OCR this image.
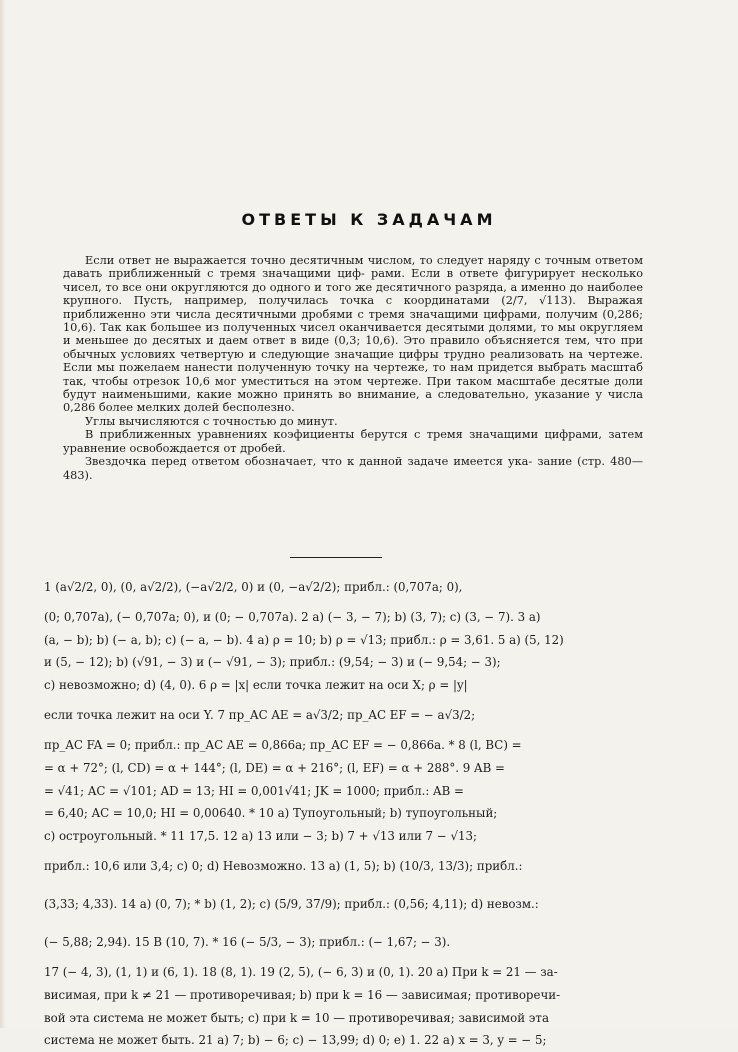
ОТВЕТЫ К ЗАДАЧАМ

Если ответ не выражается точно десятичным числом, то следует наряду с точным ответом давать приближенный с тремя значащими циф- рами. Если в ответе фигурирует несколько чисел, то все они округляются до одного и того же десятичного разряда, а именно до наиболее крупного. Пусть, например, получилась точка с координатами (2/7, √113). Выражая приближенно эти числа десятичными дробями с тремя значащими цифрами, получим (0,286; 10,6). Так как большее из полученных чисел оканчивается десятыми долями, то мы округляем и меньшее до десятых и даем ответ в виде (0,3; 10,6). Это правило объясняется тем, что при обычных условиях четвертую и следующие значащие цифры трудно реализовать на чертеже. Если мы пожелаем нанести полученную точку на чертеже, то нам придется выбрать масштаб так, чтобы отрезок 10,6 мог уместиться на этом чертеже. При таком масштабе десятые доли будут наименьшими, какие можно принять во внимание, а следовательно, указание у числа 0,286 более мелких долей бесполезно.

Углы вычисляются с точностью до минут.

В приближенных уравнениях коэфициенты берутся с тремя значащими цифрами, затем уравнение освобождается от дробей.

Звездочка перед ответом обозначает, что к данной задаче имеется ука- зание (стр. 480—483).

1 (a√2/2, 0), (0, a√2/2), (−a√2/2, 0) и (0, −a√2/2); прибл.: (0,707a; 0),
(0; 0,707a), (− 0,707a; 0), и (0; − 0,707a). 2 a) (− 3, − 7); b) (3, 7); c) (3, − 7). 3 a)
(a, − b); b) (− a, b); c) (− a, − b). 4 a) ρ = 10; b) ρ = √13; прибл.: ρ = 3,61. 5 a) (5, 12)
и (5, − 12); b) (√91, − 3) и (− √91, − 3); прибл.: (9,54; − 3) и (− 9,54; − 3);
c) невозможно; d) (4, 0). 6 ρ = |x| если точка лежит на оси X; ρ = |y|
если точка лежит на оси Y. 7 пр_AC AE = a√3/2; пр_AC EF = − a√3/2;
пр_AC FA = 0; прибл.: пр_AC AE = 0,866a; пр_AC EF = − 0,866a. * 8 (l, BC) =
= α + 72°; (l, CD) = α + 144°; (l, DE) = α + 216°; (l, EF) = α + 288°. 9 AB =
= √41; AC = √101; AD = 13; HI = 0,001√41; JK = 1000; прибл.: AB =
= 6,40; AC = 10,0; HI = 0,00640. * 10 a) Тупоугольный; b) тупоугольный;
c) остроугольный. * 11 17,5. 12 a) 13 или − 3; b) 7 + √13 или 7 − √13;
прибл.: 10,6 или 3,4; c) 0; d) Невозможно. 13 a) (1, 5); b) (10/3, 13/3); прибл.:
(3,33; 4,33). 14 a) (0, 7); * b) (1, 2); c) (5/9, 37/9); прибл.: (0,56; 4,11); d) невозм.:
(− 5,88; 2,94). 15 B (10, 7). * 16 (− 5/3, − 3); прибл.: (− 1,67; − 3).
17 (− 4, 3), (1, 1) и (6, 1). 18 (8, 1). 19 (2, 5), (− 6, 3) и (0, 1). 20 a) При k = 21 — за-
висимая, при k ≠ 21 — противоречивая; b) при k = 16 — зависимая; противоречи-
вой эта система не может быть; c) при k = 10 — противоречивая; зависимой эта
система не может быть. 21 a) 7; b) − 6; c) − 13,99; d) 0; e) 1. 22 a) x = 3, y = − 5;
